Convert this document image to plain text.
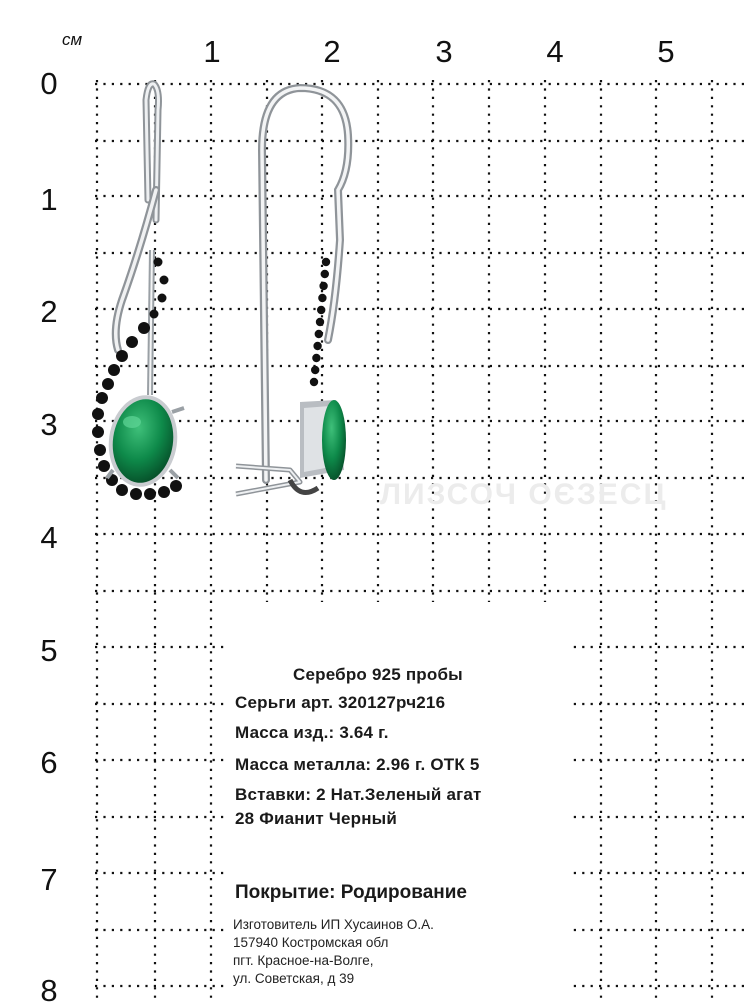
см	1	2	3	4	5
0
1
2
3
4
5
6
7
8
ЛИЗСОЧ ОЄЗЕСЦ
Серебро 925 пробы
Серьги арт. 320127рч216
Масса изд.: 3.64 г.
Масса металла: 2.96 г. ОТК 5
Вставки: 2 Нат.Зеленый агат
28 Фианит Черный
Покрытие: Родирование
Изготовитель ИП Хусаинов О.А.
157940 Костромская обл
пгт. Красное-на-Волге,
ул. Советская, д 39
